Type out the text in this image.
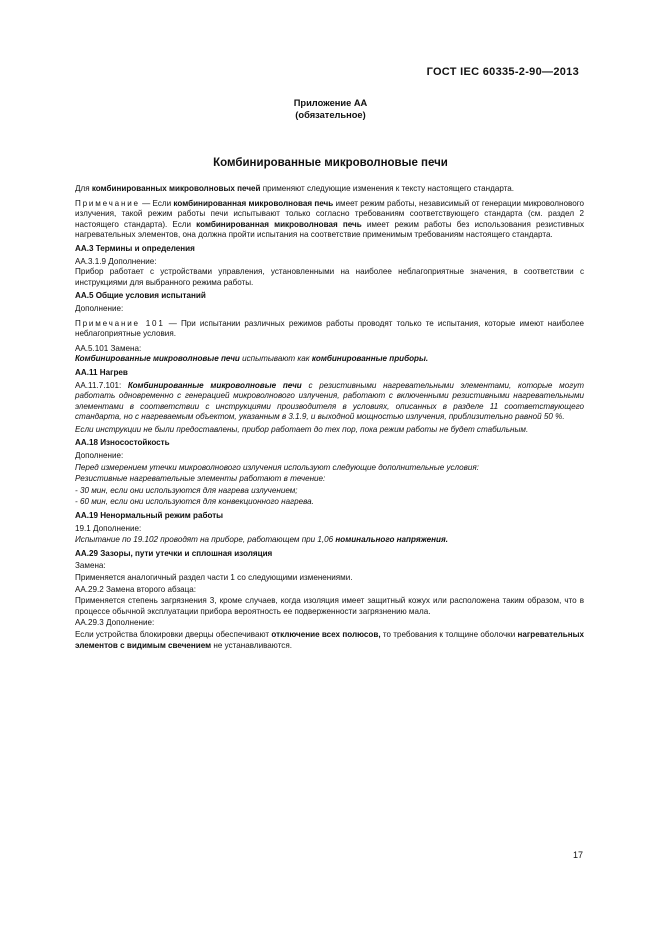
ГОСТ IEC 60335-2-90—2013
Приложение АА
(обязательное)
Комбинированные микроволновые печи

Для комбинированных микроволновых печей применяют следующие изменения к тексту настоящего стандарта.

Примечание — Если комбинированная микроволновая печь имеет режим работы, независимый от генерации микроволнового излучения, такой режим работы печи испытывают только согласно требованиям соответствующего стандарта (см. раздел 2 настоящего стандарта). Если комбинированная микроволновая печь имеет режим работы без использования резистивных нагревательных элементов, она должна пройти испытания на соответствие применимым требованиям настоящего стандарта.

АА.3 Термины и определения

АА.3.1.9 Дополнение:

Прибор работает с устройствами управления, установленными на наиболее неблагоприятные значения, в соответствии с инструкциями для выбранного режима работы.

АА.5 Общие условия испытаний

Дополнение:

Примечание 101 — При испытании различных режимов работы проводят только те испытания, которые имеют наиболее неблагоприятные условия.

АА.5.101 Замена:

Комбинированные микроволновые печи испытывают как комбинированные приборы.

АА.11 Нагрев

АА.11.7.101: Комбинированные микроволновые печи с резистивными нагревательными элементами, которые могут работать одновременно с генерацией микроволнового излучения, работают с включенными резистивными нагревательными элементами в соответствии с инструкциями производителя в условиях, описанных в разделе 11 соответствующего стандарта, но с нагреваемым объектом, указанным в 3.1.9, и выходной мощностью излучения, приблизительно равной 50 %.

Если инструкции не были предоставлены, прибор работает до тех пор, пока режим работы не будет стабильным.

АА.18 Износостойкость

Дополнение:

Перед измерением утечки микроволнового излучения используют следующие дополнительные условия:

Резистивные нагревательные элементы работают в течение:

- 30 мин, если они используются для нагрева излучением;

- 60 мин, если они используются для конвекционного нагрева.

АА.19 Ненормальный режим работы

19.1 Дополнение:

Испытание по 19.102 проводят на приборе, работающем при 1,06 номинального напряжения.

АА.29 Зазоры, пути утечки и сплошная изоляция

Замена:

Применяется аналогичный раздел части 1 со следующими изменениями.

АА.29.2 Замена второго абзаца:

Применяется степень загрязнения 3, кроме случаев, когда изоляция имеет защитный кожух или расположена таким образом, что в процессе обычной эксплуатации прибора вероятность ее подверженности загрязнению мала.

АА.29.3 Дополнение:

Если устройства блокировки дверцы обеспечивают отключение всех полюсов, то требования к толщине оболочки нагревательных элементов с видимым свечением не устанавливаются.

17
